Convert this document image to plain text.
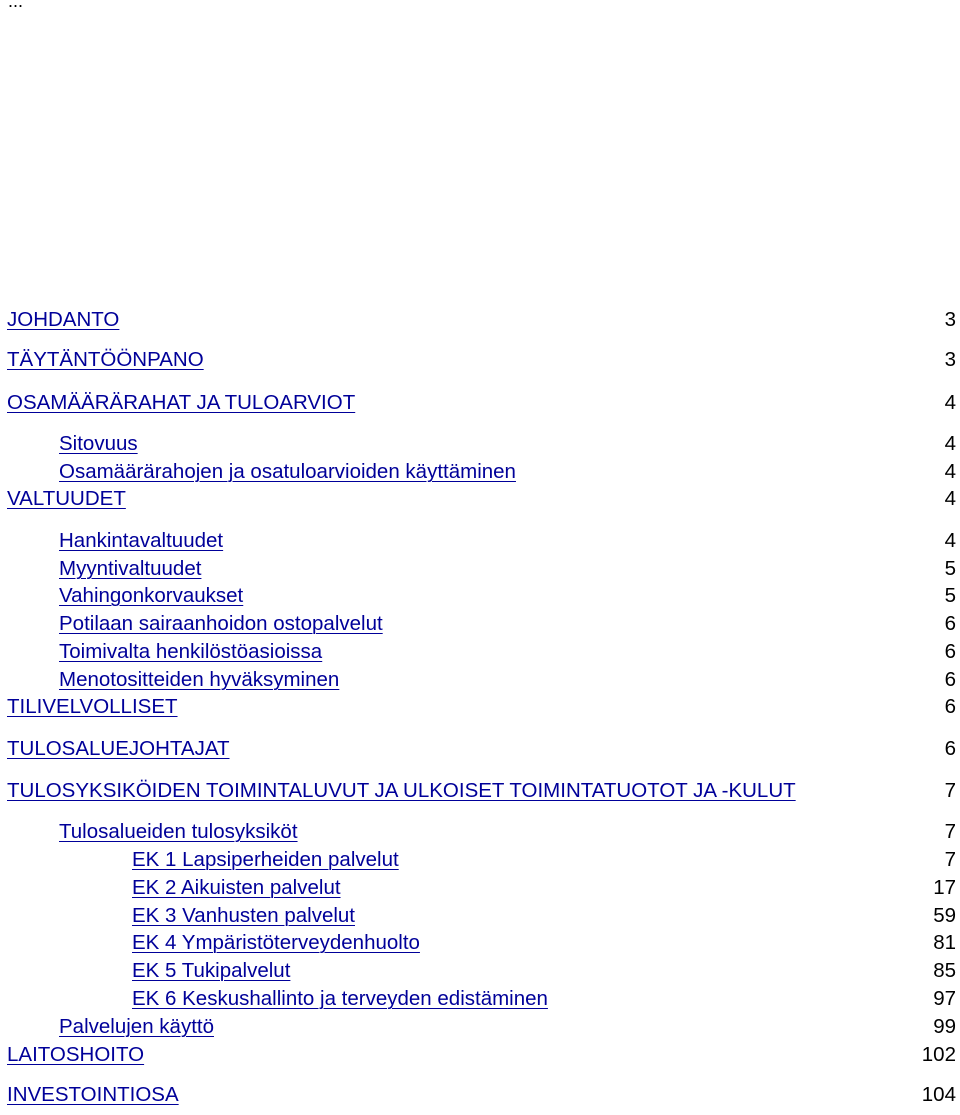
...
JOHDANTO	3
TÄYTÄNTÖÖNPANO	3
OSAMÄÄRÄRAHAT JA TULOARVIOT	4
Sitovuus	4
Osamäärärahojen ja osatuloarvioiden käyttäminen	4
VALTUUDET	4
Hankintavaltuudet	4
Myyntivaltuudet	5
Vahingonkorvaukset	5
Potilaan sairaanhoidon ostopalvelut	6
Toimivalta henkilöstöasioissa	6
Menotositteiden hyväksyminen	6
TILIVELVOLLISET	6
TULOSALUEJOHTAJAT	6
TULOSYKSIKÖIDEN TOIMINTALUVUT JA ULKOISET TOIMINTATUOTOT JA -KULUT	7
Tulosalueiden tulosyksiköt	7
EK 1 Lapsiperheiden palvelut	7
EK 2 Aikuisten palvelut	17
EK 3 Vanhusten palvelut	59
EK 4 Ympäristöterveydenhuolto	81
EK 5 Tukipalvelut	85
EK 6 Keskushallinto ja terveyden edistäminen	97
Palvelujen käyttö	99
LAITOSHOITO	102
INVESTOINTIOSA	104
